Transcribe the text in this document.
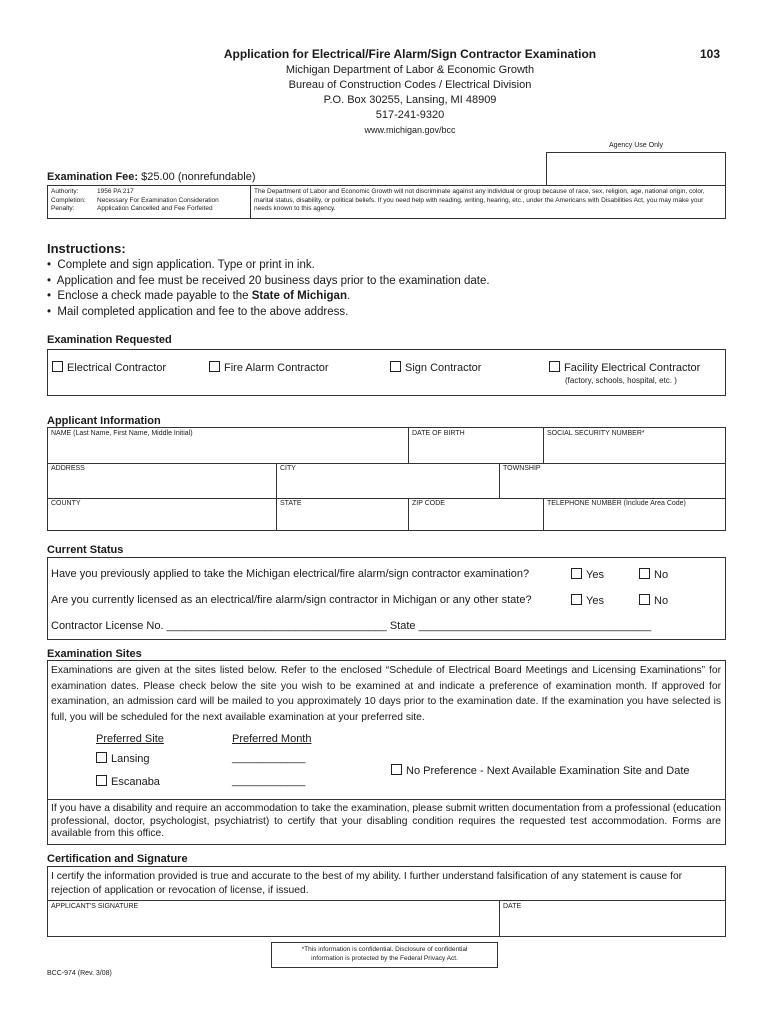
Application for Electrical/Fire Alarm/Sign Contractor Examination	103
Michigan Department of Labor & Economic Growth
Bureau of Construction Codes / Electrical Division
P.O. Box 30255, Lansing, MI 48909
517-241-9320
www.michigan.gov/bcc
Agency Use Only
Examination Fee: $25.00 (nonrefundable)
Authority:	1956 PA 217
Completion: Necessary For Examination Consideration
Penalty:	Application Cancelled and Fee Forfeited
The Department of Labor and Economic Growth will not discriminate against any individual or group because of race, sex, religion, age, national origin, color, marital status, disability, or political beliefs. If you need help with reading, writing, hearing, etc., under the Americans with Disabilities Act, you may make your needs known to this agency.
Instructions:
•  Complete and sign application. Type or print in ink.
•  Application and fee must be received 20 business days prior to the examination date.
•  Enclose a check made payable to the State of Michigan.
•  Mail completed application and fee to the above address.
Examination Requested
Electrical Contractor	Fire Alarm Contractor	Sign Contractor	Facility Electrical Contractor
(factory, schools, hospital, etc. )
Applicant Information
NAME (Last Name, First Name, Middle Initial)	DATE OF BIRTH	SOCIAL SECURITY NUMBER*
ADDRESS	CITY	TOWNSHIP
COUNTY	STATE	ZIP CODE	TELEPHONE NUMBER (Include Area Code)
Current Status
Have you previously applied to take the Michigan electrical/fire alarm/sign contractor examination?	Yes	No
Are you currently licensed as an electrical/fire alarm/sign contractor in Michigan or any other state?	Yes	No
Contractor License No. ____________________________________ State ______________________________________
Examination Sites
Examinations are given at the sites listed below. Refer to the enclosed “Schedule of Electrical Board Meetings and Licensing Examinations” for examination dates. Please check below the site you wish to be examined at and indicate a preference of examination month. If approved for examination, an admission card will be mailed to you approximately 10 days prior to the examination date. If the examination you have selected is full, you will be scheduled for the next available examination at your preferred site.
Preferred Site	Preferred Month
Lansing	____________
Escanaba	____________
No Preference - Next Available Examination Site and Date
If you have a disability and require an accommodation to take the examination, please submit written documentation from a professional (education professional, doctor, psychologist, psychiatrist) to certify that your disabling condition requires the requested test accommodation. Forms are available from this office.
Certification and Signature
I certify the information provided is true and accurate to the best of my ability. I further understand falsification of any statement is cause for rejection of application or revocation of license, if issued.
APPLICANT'S SIGNATURE	DATE
*This information is confidential. Disclosure of confidential information is protected by the Federal Privacy Act.
BCC-974 (Rev. 3/08)
